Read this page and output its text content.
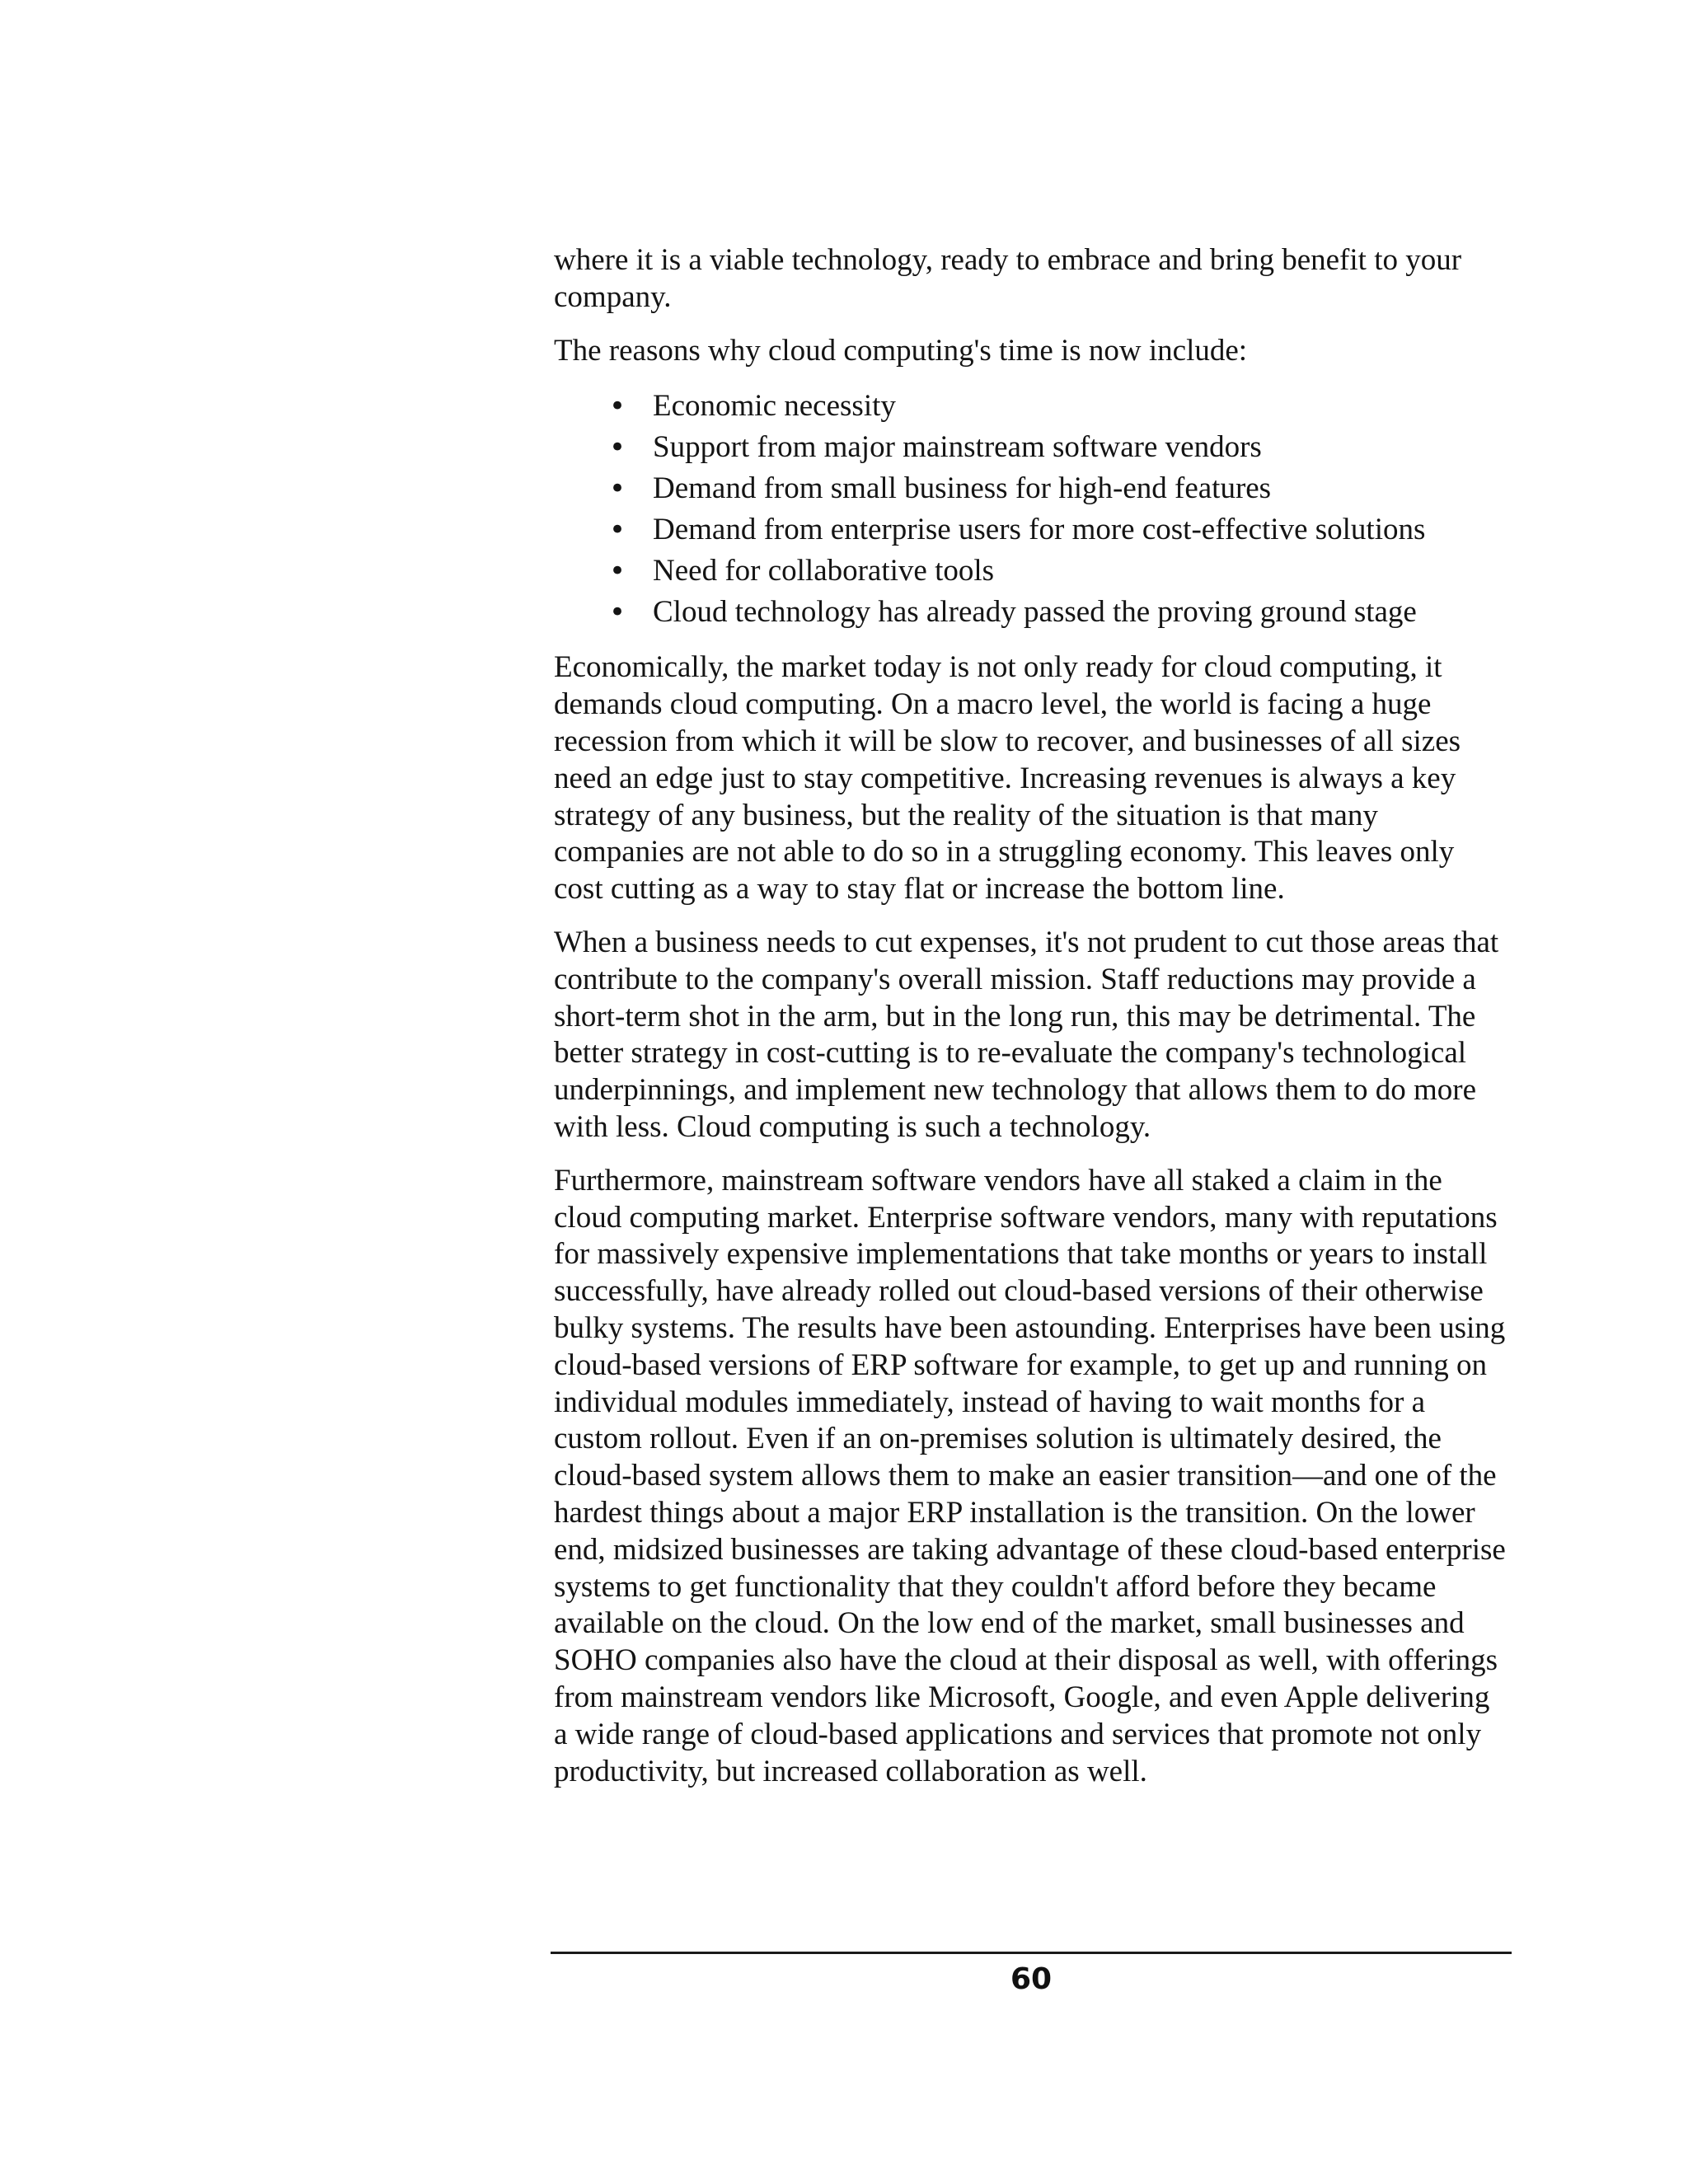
where it is a viable technology, ready to embrace and bring benefit to your company.

The reasons why cloud computing's time is now include:

• Economic necessity
• Support from major mainstream software vendors
• Demand from small business for high-end features
• Demand from enterprise users for more cost-effective solutions
• Need for collaborative tools
• Cloud technology has already passed the proving ground stage

Economically, the market today is not only ready for cloud computing, it demands cloud computing. On a macro level, the world is facing a huge recession from which it will be slow to recover, and businesses of all sizes need an edge just to stay competitive. Increasing revenues is always a key strategy of any business, but the reality of the situation is that many companies are not able to do so in a struggling economy. This leaves only cost cutting as a way to stay flat or increase the bottom line.

When a business needs to cut expenses, it's not prudent to cut those areas that contribute to the company's overall mission. Staff reductions may provide a short-term shot in the arm, but in the long run, this may be detrimental. The better strategy in cost-cutting is to re-evaluate the company's technological underpinnings, and implement new technology that allows them to do more with less. Cloud computing is such a technology.

Furthermore, mainstream software vendors have all staked a claim in the cloud computing market. Enterprise software vendors, many with reputations for massively expensive implementations that take months or years to install successfully, have already rolled out cloud-based versions of their otherwise bulky systems. The results have been astounding. Enterprises have been using cloud-based versions of ERP software for example, to get up and running on individual modules immediately, instead of having to wait months for a custom rollout. Even if an on-premises solution is ultimately desired, the cloud-based system allows them to make an easier transition—and one of the hardest things about a major ERP installation is the transition. On the lower end, midsized businesses are taking advantage of these cloud-based enterprise systems to get functionality that they couldn't afford before they became available on the cloud. On the low end of the market, small businesses and SOHO companies also have the cloud at their disposal as well, with offerings from mainstream vendors like Microsoft, Google, and even Apple delivering a wide range of cloud-based applications and services that promote not only productivity, but increased collaboration as well.

60
